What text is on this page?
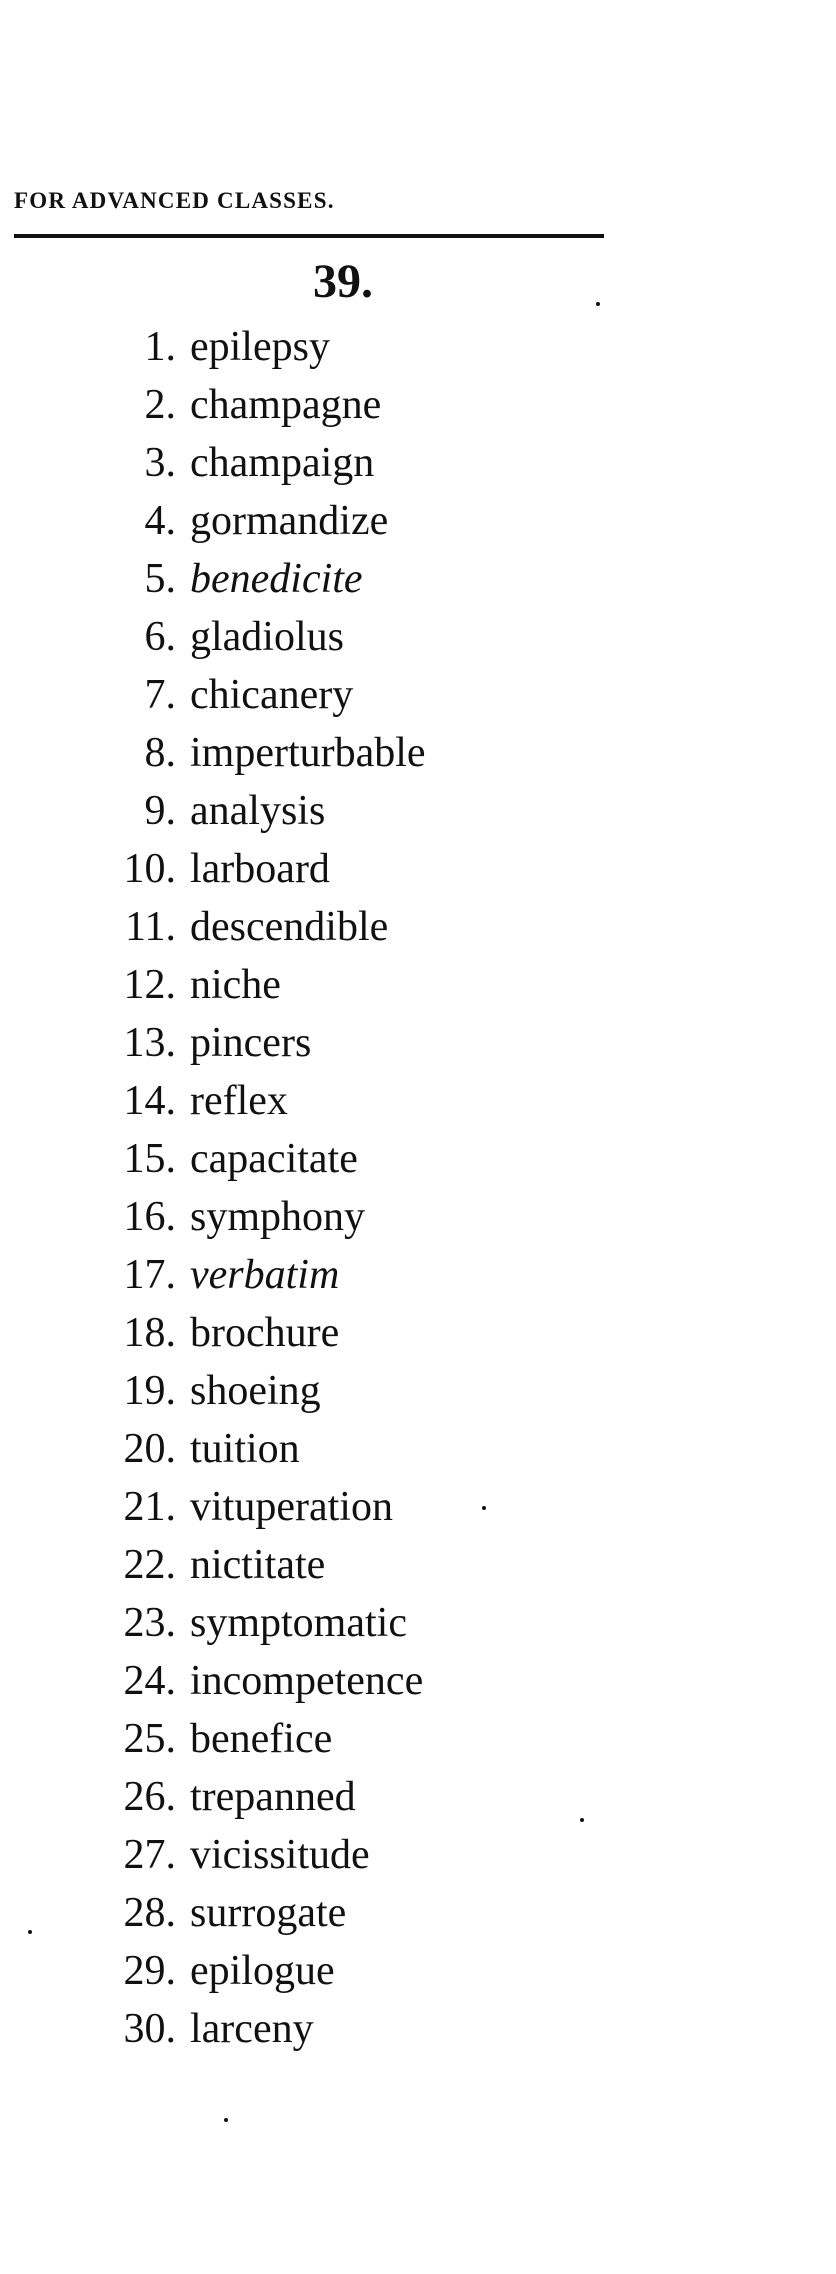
FOR ADVANCED CLASSES.
39.
1. epilepsy
2. champagne
3. champaign
4. gormandize
5. benedicite
6. gladiolus
7. chicanery
8. imperturbable
9. analysis
10. larboard
11. descendible
12. niche
13. pincers
14. reflex
15. capacitate
16. symphony
17. verbatim
18. brochure
19. shoeing
20. tuition
21. vituperation
22. nictitate
23. symptomatic
24. incompetence
25. benefice
26. trepanned
27. vicissitude
28. surrogate
29. epilogue
30. larceny
